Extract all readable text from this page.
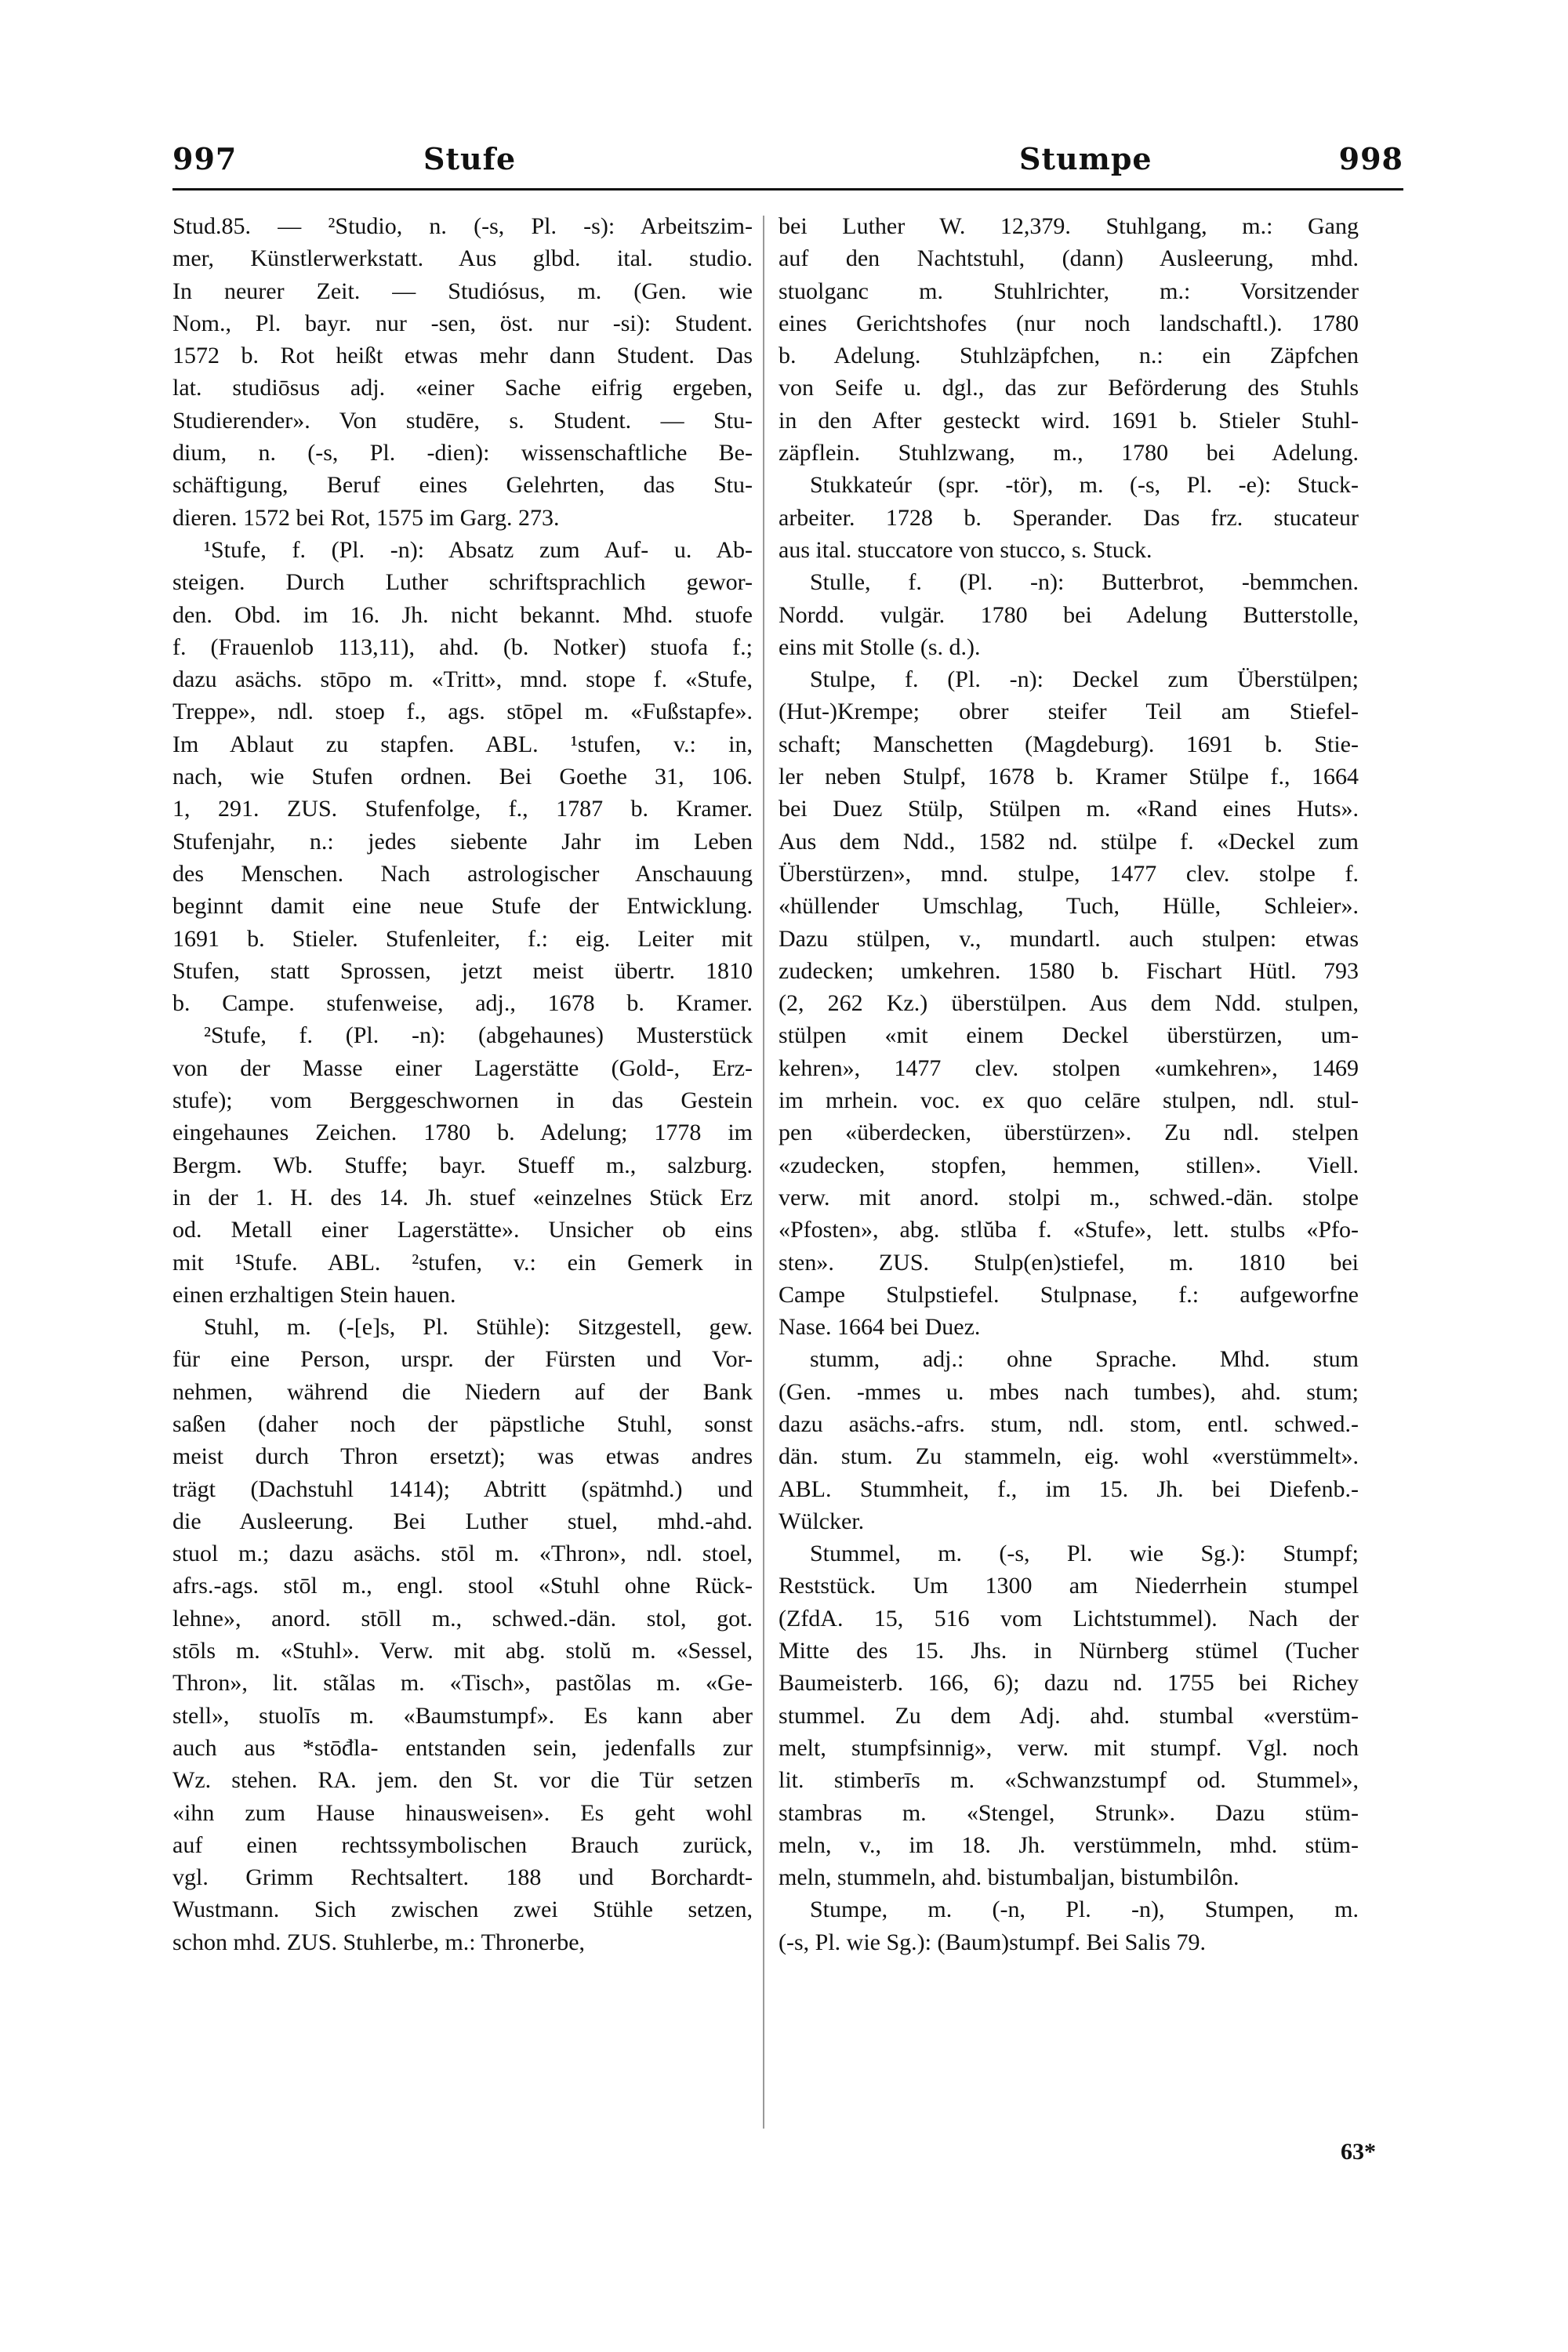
997	Stufe	Stumpe	998
Stud.85. — ²Studio, n. (-s, Pl. -s): Arbeitszim-
mer, Künstlerwerkstatt. Aus glbd. ital. studio.
In neurer Zeit. — Studiósus, m. (Gen. wie
Nom., Pl. bayr. nur -sen, öst. nur -si): Student.
1572 b. Rot heißt etwas mehr dann Student. Das
lat. studiōsus adj. «einer Sache eifrig ergeben,
Studierender». Von studēre, s. Student. — Stu-
dium, n. (-s, Pl. -dien): wissenschaftliche Be-
schäftigung, Beruf eines Gelehrten, das Stu-
dieren. 1572 bei Rot, 1575 im Garg. 273.
¹Stufe, f. (Pl. -n): Absatz zum Auf- u. Ab-
steigen. Durch Luther schriftsprachlich gewor-
den. Obd. im 16. Jh. nicht bekannt. Mhd. stuofe
f. (Frauenlob 113,11), ahd. (b. Notker) stuofa f.;
dazu asächs. stōpo m. «Tritt», mnd. stope f. «Stufe,
Treppe», ndl. stoep f., ags. stōpel m. «Fußstapfe».
Im Ablaut zu stapfen. ABL. ¹stufen, v.: in,
nach, wie Stufen ordnen. Bei Goethe 31, 106.
1, 291. ZUS. Stufenfolge, f., 1787 b. Kramer.
Stufenjahr, n.: jedes siebente Jahr im Leben
des Menschen. Nach astrologischer Anschauung
beginnt damit eine neue Stufe der Entwicklung.
1691 b. Stieler. Stufenleiter, f.: eig. Leiter mit
Stufen, statt Sprossen, jetzt meist übertr. 1810
b. Campe. stufenweise, adj., 1678 b. Kramer.
²Stufe, f. (Pl. -n): (abgehaunes) Musterstück
von der Masse einer Lagerstätte (Gold-, Erz-
stufe); vom Berggeschwornen in das Gestein
eingehaunes Zeichen. 1780 b. Adelung; 1778 im
Bergm. Wb. Stuffe; bayr. Stueff m., salzburg.
in der 1. H. des 14. Jh. stuef «einzelnes Stück Erz
od. Metall einer Lagerstätte». Unsicher ob eins
mit ¹Stufe. ABL. ²stufen, v.: ein Gemerk in
einen erzhaltigen Stein hauen.
Stuhl, m. (-[e]s, Pl. Stühle): Sitzgestell, gew.
für eine Person, urspr. der Fürsten und Vor-
nehmen, während die Niedern auf der Bank
saßen (daher noch der päpstliche Stuhl, sonst
meist durch Thron ersetzt); was etwas andres
trägt (Dachstuhl 1414); Abtritt (spätmhd.) und
die Ausleerung. Bei Luther stuel, mhd.-ahd.
stuol m.; dazu asächs. stōl m. «Thron», ndl. stoel,
afrs.-ags. stōl m., engl. stool «Stuhl ohne Rück-
lehne», anord. stōll m., schwed.-dän. stol, got.
stōls m. «Stuhl». Verw. mit abg. stolŭ m. «Sessel,
Thron», lit. stãlas m. «Tisch», pastõlas m. «Ge-
stell», stuolīs m. «Baumstumpf». Es kann aber
auch aus *stōđla- entstanden sein, jedenfalls zur
Wz. stehen. RA. jem. den St. vor die Tür setzen
«ihn zum Hause hinausweisen». Es geht wohl
auf einen rechtssymbolischen Brauch zurück,
vgl. Grimm Rechtsaltert. 188 und Borchardt-
Wustmann. Sich zwischen zwei Stühle setzen,
schon mhd. ZUS. Stuhlerbe, m.: Thronerbe,
bei Luther W. 12,379. Stuhlgang, m.: Gang
auf den Nachtstuhl, (dann) Ausleerung, mhd.
stuolganc m. Stuhlrichter, m.: Vorsitzender
eines Gerichtshofes (nur noch landschaftl.). 1780
b. Adelung. Stuhlzäpfchen, n.: ein Zäpfchen
von Seife u. dgl., das zur Beförderung des Stuhls
in den After gesteckt wird. 1691 b. Stieler Stuhl-
zäpflein. Stuhlzwang, m., 1780 bei Adelung.
Stukkateúr (spr. -tör), m. (-s, Pl. -e): Stuck-
arbeiter. 1728 b. Sperander. Das frz. stucateur
aus ital. stuccatore von stucco, s. Stuck.
Stulle, f. (Pl. -n): Butterbrot, -bemmchen.
Nordd. vulgär. 1780 bei Adelung Butterstolle,
eins mit Stolle (s. d.).
Stulpe, f. (Pl. -n): Deckel zum Überstülpen;
(Hut-)Krempe; obrer steifer Teil am Stiefel-
schaft; Manschetten (Magdeburg). 1691 b. Stie-
ler neben Stulpf, 1678 b. Kramer Stülpe f., 1664
bei Duez Stülp, Stülpen m. «Rand eines Huts».
Aus dem Ndd., 1582 nd. stülpe f. «Deckel zum
Überstürzen», mnd. stulpe, 1477 clev. stolpe f.
«hüllender Umschlag, Tuch, Hülle, Schleier».
Dazu stülpen, v., mundartl. auch stulpen: etwas
zudecken; umkehren. 1580 b. Fischart Hütl. 793
(2, 262 Kz.) überstülpen. Aus dem Ndd. stulpen,
stülpen «mit einem Deckel überstürzen, um-
kehren», 1477 clev. stolpen «umkehren», 1469
im mrhein. voc. ex quo celāre stulpen, ndl. stul-
pen «überdecken, überstürzen». Zu ndl. stelpen
«zudecken, stopfen, hemmen, stillen». Viell.
verw. mit anord. stolpi m., schwed.-dän. stolpe
«Pfosten», abg. stlŭba f. «Stufe», lett. stulbs «Pfo-
sten». ZUS. Stulp(en)stiefel, m. 1810 bei
Campe Stulpstiefel. Stulpnase, f.: aufgeworfne
Nase. 1664 bei Duez.
stumm, adj.: ohne Sprache. Mhd. stum
(Gen. -mmes u. mbes nach tumbes), ahd. stum;
dazu asächs.-afrs. stum, ndl. stom, entl. schwed.-
dän. stum. Zu stammeln, eig. wohl «verstümmelt».
ABL. Stummheit, f., im 15. Jh. bei Diefenb.-
Wülcker.
Stummel, m. (-s, Pl. wie Sg.): Stumpf;
Reststück. Um 1300 am Niederrhein stumpel
(ZfdA. 15, 516 vom Lichtstummel). Nach der
Mitte des 15. Jhs. in Nürnberg stümel (Tucher
Baumeisterb. 166, 6); dazu nd. 1755 bei Richey
stummel. Zu dem Adj. ahd. stumbal «verstüm-
melt, stumpfsinnig», verw. mit stumpf. Vgl. noch
lit. stimberīs m. «Schwanzstumpf od. Stummel»,
stambras m. «Stengel, Strunk». Dazu stüm-
meln, v., im 18. Jh. verstümmeln, mhd. stüm-
meln, stummeln, ahd. bistumbaljan, bistumbilôn.
Stumpe, m. (-n, Pl. -n), Stumpen, m.
(-s, Pl. wie Sg.): (Baum)stumpf. Bei Salis 79.
63*
